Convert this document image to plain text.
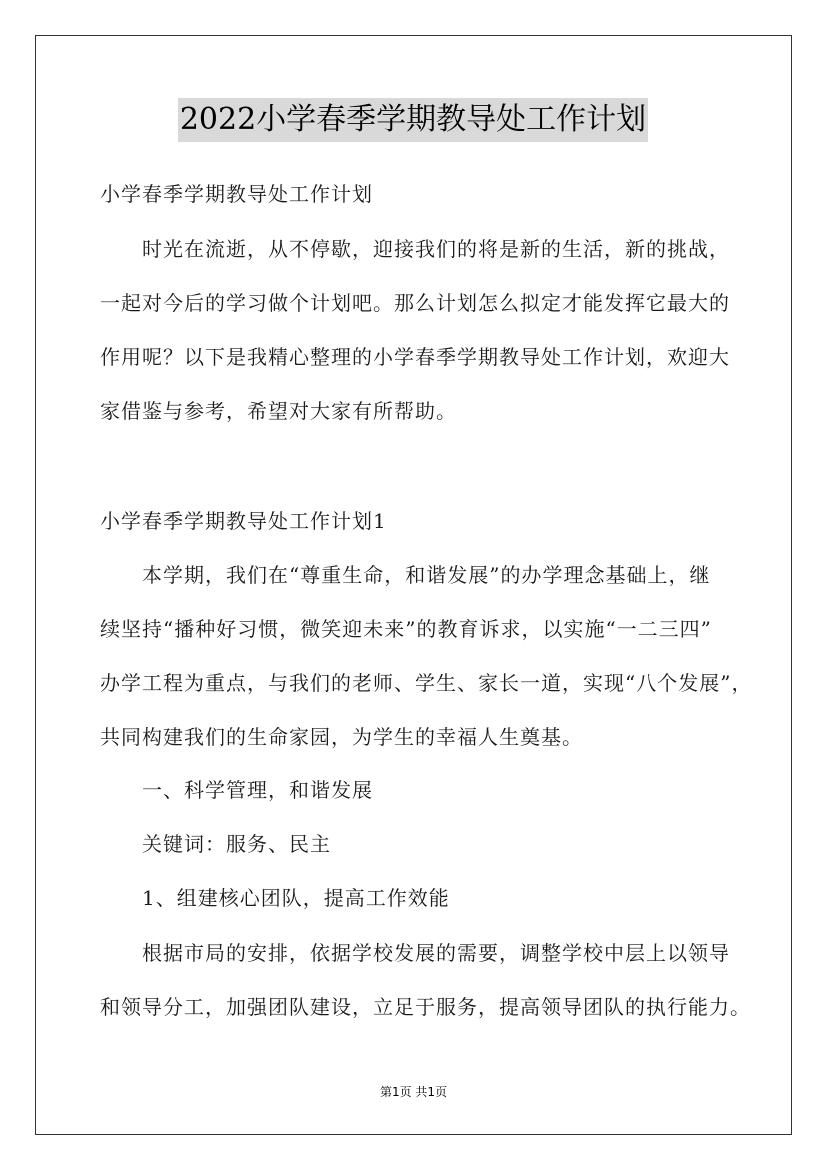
2022小学春季学期教导处工作计划
小学春季学期教导处工作计划
时光在流逝，从不停歇，迎接我们的将是新的生活，新的挑战，
一起对今后的学习做个计划吧。那么计划怎么拟定才能发挥它最大的
作用呢？以下是我精心整理的小学春季学期教导处工作计划，欢迎大
家借鉴与参考，希望对大家有所帮助。
小学春季学期教导处工作计划1
本学期，我们在“尊重生命，和谐发展”的办学理念基础上，继
续坚持“播种好习惯，微笑迎未来”的教育诉求，以实施“一二三四”
办学工程为重点，与我们的老师、学生、家长一道，实现“八个发展”，
共同构建我们的生命家园，为学生的幸福人生奠基。
一、科学管理，和谐发展
关键词：服务、民主
1、组建核心团队，提高工作效能
根据市局的安排，依据学校发展的需要，调整学校中层上以领导
和领导分工，加强团队建设，立足于服务，提高领导团队的执行能力。
第1页 共1页
